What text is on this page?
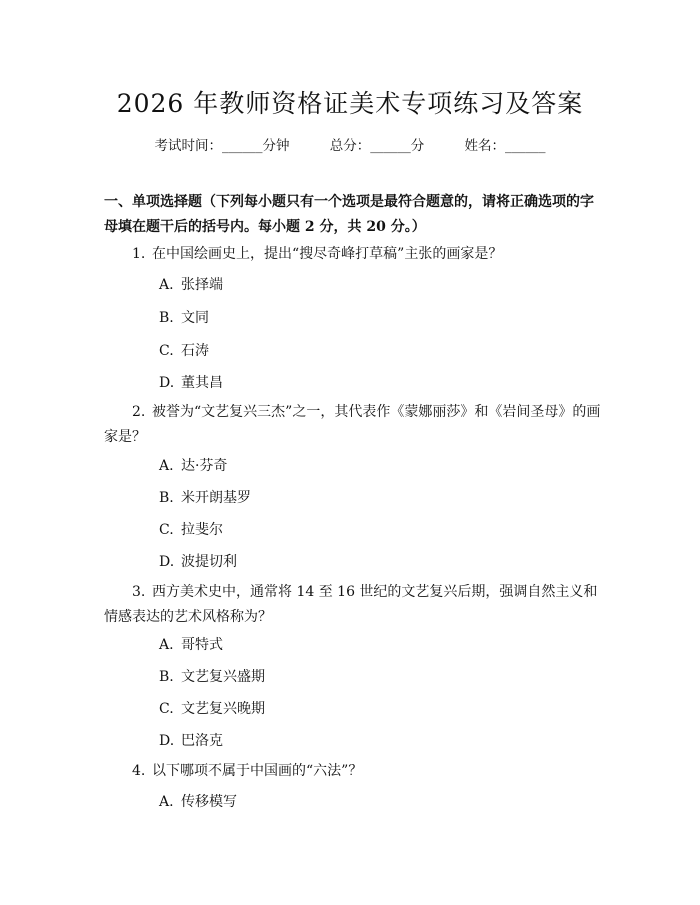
2026 年教师资格证美术专项练习及答案
考试时间：______分钟	总分：______分	姓名：______
一、单项选择题（下列每小题只有一个选项是最符合题意的，请将正确选项的字母填在题干后的括号内。每小题 2 分，共 20 分。）
1. 在中国绘画史上，提出“搜尽奇峰打草稿”主张的画家是？
A. 张择端
B. 文同
C. 石涛
D. 董其昌
2. 被誉为“文艺复兴三杰”之一，其代表作《蒙娜丽莎》和《岩间圣母》的画家是？
A. 达·芬奇
B. 米开朗基罗
C. 拉斐尔
D. 波提切利
3. 西方美术史中，通常将 14 至 16 世纪的文艺复兴后期，强调自然主义和情感表达的艺术风格称为？
A. 哥特式
B. 文艺复兴盛期
C. 文艺复兴晚期
D. 巴洛克
4. 以下哪项不属于中国画的“六法”？
A. 传移模写
